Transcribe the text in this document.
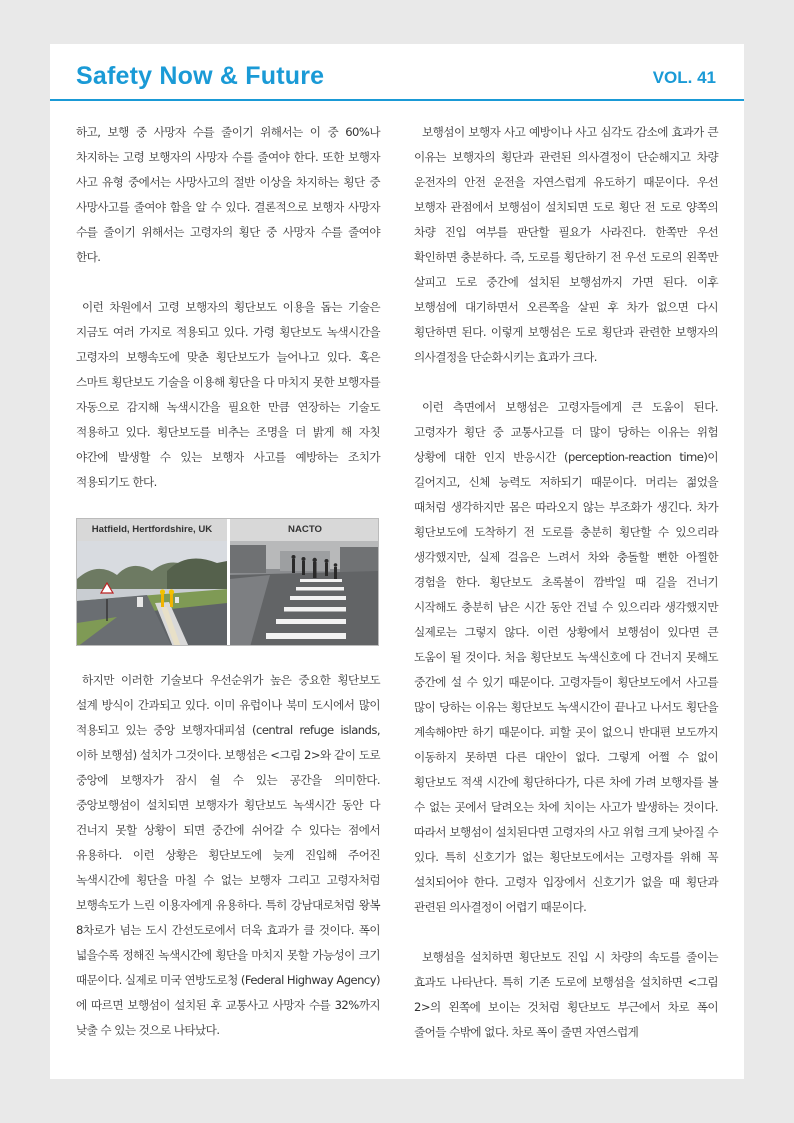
Safety Now & Future	VOL. 41

하고, 보행 중 사망자 수를 줄이기 위해서는 이 중 60%나 차지하는 고령 보행자의 사망자 수를 줄여야 한다. 또한 보행자 사고 유형 중에서는 사망사고의 절반 이상을 차지하는 횡단 중 사망사고를 줄여야 함을 알 수 있다. 결론적으로 보행자 사망자 수를 줄이기 위해서는 고령자의 횡단 중 사망자 수를 줄여야 한다.

이런 차원에서 고령 보행자의 횡단보도 이용을 돕는 기술은 지금도 여러 가지로 적용되고 있다. 가령 횡단보도 녹색시간을 고령자의 보행속도에 맞춘 횡단보도가 늘어나고 있다. 혹은 스마트 횡단보도 기술을 이용해 횡단을 다 마치지 못한 보행자를 자동으로 감지해 녹색시간을 필요한 만큼 연장하는 기술도 적용하고 있다. 횡단보도를 비추는 조명을 더 밝게 해 자칫 야간에 발생할 수 있는 보행자 사고를 예방하는 조치가 적용되기도 한다.

Hatfield, Hertfordshire, UK	NACTO

하지만 이러한 기술보다 우선순위가 높은 중요한 횡단보도 설계 방식이 간과되고 있다. 이미 유럽이나 북미 도시에서 많이 적용되고 있는 중앙 보행자대피섬 (central refuge islands, 이하 보행섬) 설치가 그것이다. 보행섬은 <그림 2>와 같이 도로 중앙에 보행자가 잠시 쉴 수 있는 공간을 의미한다. 중앙보행섬이 설치되면 보행자가 횡단보도 녹색시간 동안 다 건너지 못할 상황이 되면 중간에 쉬어갈 수 있다는 점에서 유용하다. 이런 상황은 횡단보도에 늦게 진입해 주어진 녹색시간에 횡단을 마칠 수 없는 보행자 그리고 고령자처럼 보행속도가 느린 이용자에게 유용하다. 특히 강남대로처럼 왕복 8차로가 넘는 도시 간선도로에서 더욱 효과가 클 것이다. 폭이 넓을수록 정해진 녹색시간에 횡단을 마치지 못할 가능성이 크기 때문이다. 실제로 미국 연방도로청 (Federal Highway Agency)에 따르면 보행섬이 설치된 후 교통사고 사망자 수를 32%까지 낮출 수 있는 것으로 나타났다.

보행섬이 보행자 사고 예방이나 사고 심각도 감소에 효과가 큰 이유는 보행자의 횡단과 관련된 의사결정이 단순해지고 차량 운전자의 안전 운전을 자연스럽게 유도하기 때문이다. 우선 보행자 관점에서 보행섬이 설치되면 도로 횡단 전 도로 양쪽의 차량 진입 여부를 판단할 필요가 사라진다. 한쪽만 우선 확인하면 충분하다. 즉, 도로를 횡단하기 전 우선 도로의 왼쪽만 살피고 도로 중간에 설치된 보행섬까지 가면 된다. 이후 보행섬에 대기하면서 오른쪽을 살핀 후 차가 없으면 다시 횡단하면 된다. 이렇게 보행섬은 도로 횡단과 관련한 보행자의 의사결정을 단순화시키는 효과가 크다.

이런 측면에서 보행섬은 고령자들에게 큰 도움이 된다. 고령자가 횡단 중 교통사고를 더 많이 당하는 이유는 위험 상황에 대한 인지 반응시간 (perception-reaction time)이 길어지고, 신체 능력도 저하되기 때문이다. 머리는 젊었을 때처럼 생각하지만 몸은 따라오지 않는 부조화가 생긴다. 차가 횡단보도에 도착하기 전 도로를 충분히 횡단할 수 있으리라 생각했지만, 실제 걸음은 느려서 차와 충돌할 뻔한 아찔한 경험을 한다. 횡단보도 초록불이 깜박일 때 길을 건너기 시작해도 충분히 남은 시간 동안 건널 수 있으리라 생각했지만 실제로는 그렇지 않다. 이런 상황에서 보행섬이 있다면 큰 도움이 될 것이다. 처음 횡단보도 녹색신호에 다 건너지 못해도 중간에 설 수 있기 때문이다. 고령자들이 횡단보도에서 사고를 많이 당하는 이유는 횡단보도 녹색시간이 끝나고 나서도 횡단을 계속해야만 하기 때문이다. 피할 곳이 없으니 반대편 보도까지 이동하지 못하면 다른 대안이 없다. 그렇게 어쩔 수 없이 횡단보도 적색 시간에 횡단하다가, 다른 차에 가려 보행자를 볼 수 없는 곳에서 달려오는 차에 치이는 사고가 발생하는 것이다. 따라서 보행섬이 설치된다면 고령자의 사고 위험 크게 낮아질 수 있다. 특히 신호기가 없는 횡단보도에서는 고령자를 위해 꼭 설치되어야 한다. 고령자 입장에서 신호기가 없을 때 횡단과 관련된 의사결정이 어렵기 때문이다.

보행섬을 설치하면 횡단보도 진입 시 차량의 속도를 줄이는 효과도 나타난다. 특히 기존 도로에 보행섬을 설치하면 <그림 2>의 왼쪽에 보이는 것처럼 횡단보도 부근에서 차로 폭이 줄어들 수밖에 없다. 차로 폭이 줄면 자연스럽게
